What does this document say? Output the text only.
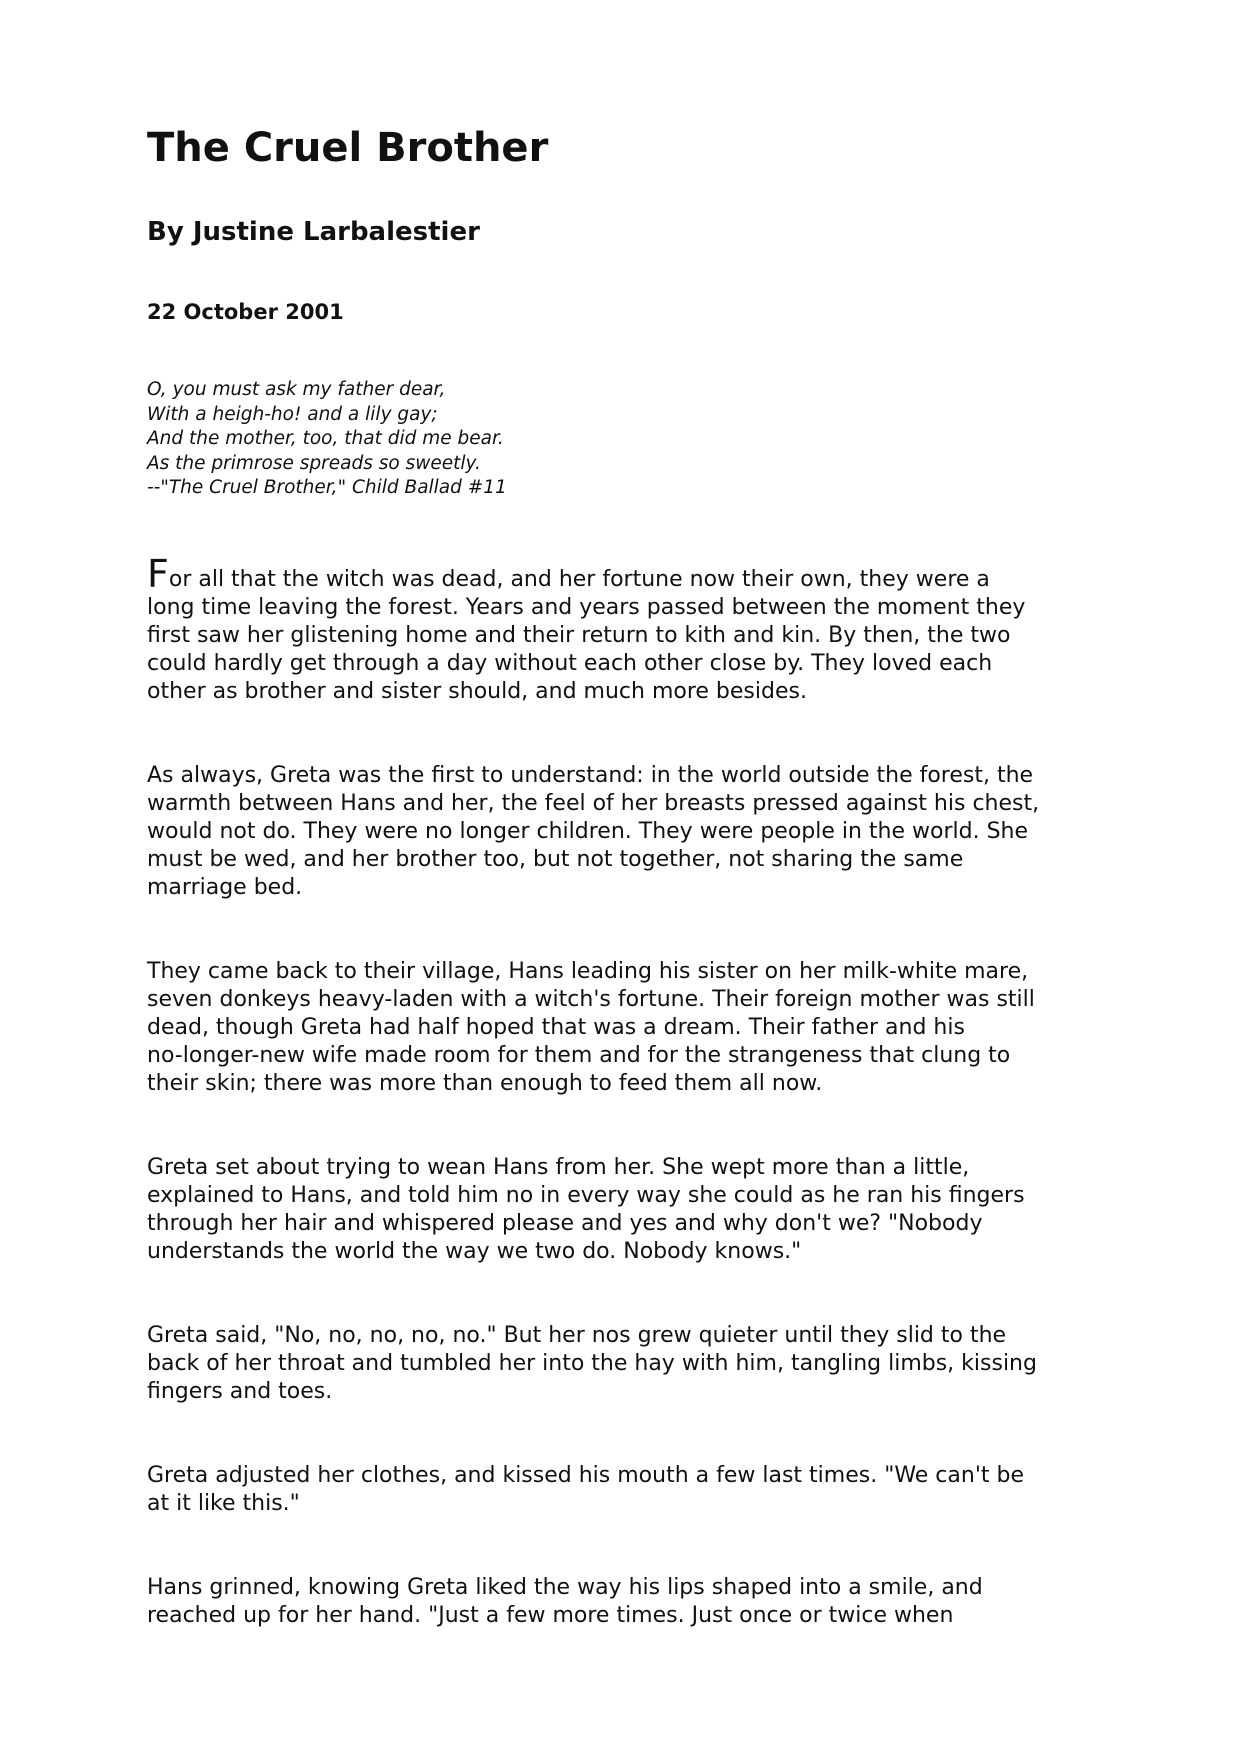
The Cruel Brother
By Justine Larbalestier
22 October 2001
O, you must ask my father dear,
With a heigh-ho! and a lily gay;
And the mother, too, that did me bear.
As the primrose spreads so sweetly.
--"The Cruel Brother," Child Ballad #11

For all that the witch was dead, and her fortune now their own, they were a
long time leaving the forest. Years and years passed between the moment they
first saw her glistening home and their return to kith and kin. By then, the two
could hardly get through a day without each other close by. They loved each
other as brother and sister should, and much more besides.

As always, Greta was the first to understand: in the world outside the forest, the
warmth between Hans and her, the feel of her breasts pressed against his chest,
would not do. They were no longer children. They were people in the world. She
must be wed, and her brother too, but not together, not sharing the same
marriage bed.

They came back to their village, Hans leading his sister on her milk-white mare,
seven donkeys heavy-laden with a witch's fortune. Their foreign mother was still
dead, though Greta had half hoped that was a dream. Their father and his
no-longer-new wife made room for them and for the strangeness that clung to
their skin; there was more than enough to feed them all now.

Greta set about trying to wean Hans from her. She wept more than a little,
explained to Hans, and told him no in every way she could as he ran his fingers
through her hair and whispered please and yes and why don't we? "Nobody
understands the world the way we two do. Nobody knows."

Greta said, "No, no, no, no, no." But her nos grew quieter until they slid to the
back of her throat and tumbled her into the hay with him, tangling limbs, kissing
fingers and toes.

Greta adjusted her clothes, and kissed his mouth a few last times. "We can't be
at it like this."

Hans grinned, knowing Greta liked the way his lips shaped into a smile, and
reached up for her hand. "Just a few more times. Just once or twice when
